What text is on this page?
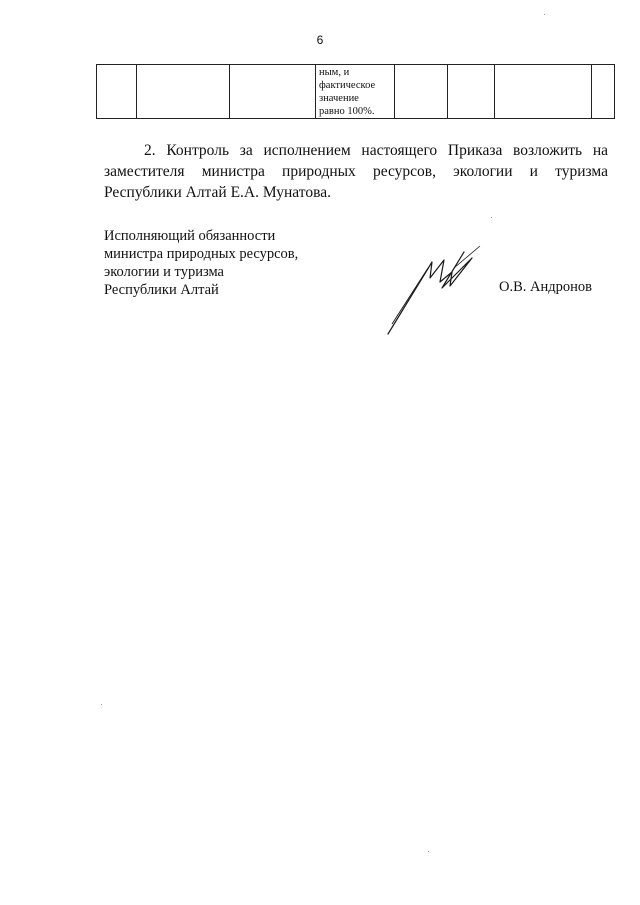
6

ным, и
фактическое
значение
равно 100%.

2. Контроль за исполнением настоящего Приказа возложить на заместителя министра природных ресурсов, экологии и туризма Республики Алтай Е.А. Мунатова.

Исполняющий обязанности
министра природных ресурсов,
экологии и туризма
Республики Алтай	О.В. Андронов
